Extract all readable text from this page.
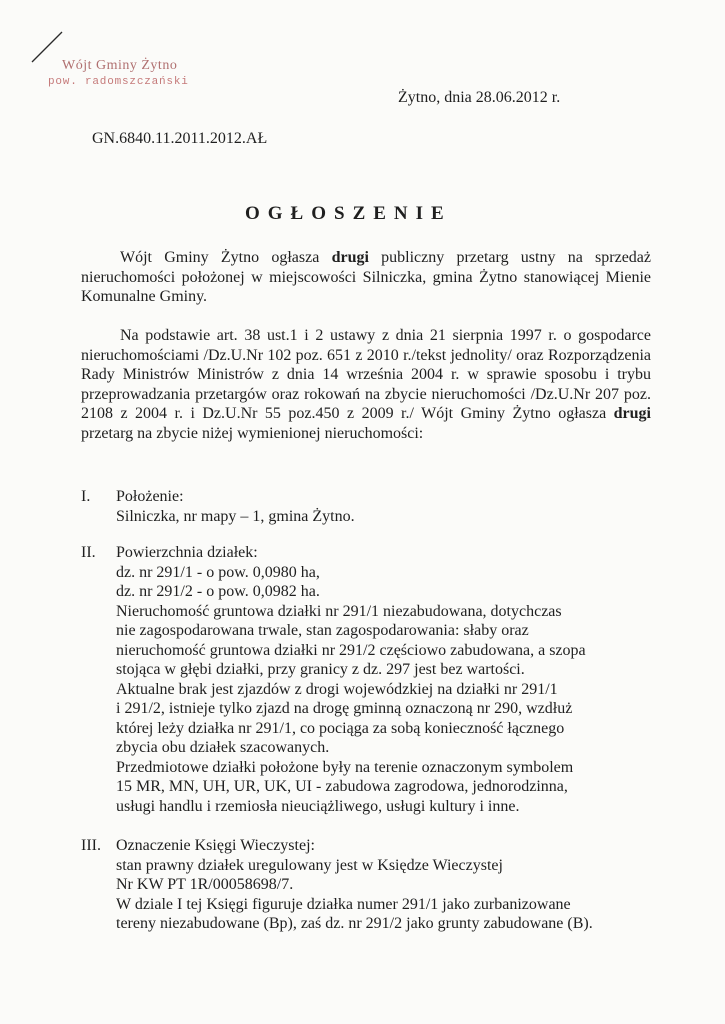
Wójt Gminy Żytno
pow. radomszczański
Żytno, dnia 28.06.2012 r.
GN.6840.11.2011.2012.AŁ
OGŁOSZENIE

Wójt Gminy Żytno ogłasza drugi publiczny przetarg ustny na sprzedaż nieruchomości położonej w miejscowości Silniczka, gmina Żytno stanowiącej Mienie Komunalne Gminy.

Na podstawie art. 38 ust.1 i 2 ustawy z dnia 21 sierpnia 1997 r. o gospodarce nieruchomościami /Dz.U.Nr 102 poz. 651 z 2010 r./tekst jednolity/ oraz Rozporządzenia Rady Ministrów Ministrów z dnia 14 września 2004 r. w sprawie sposobu i trybu przeprowadzania przetargów oraz rokowań na zbycie nieruchomości /Dz.U.Nr 207 poz. 2108 z 2004 r. i Dz.U.Nr 55 poz.450 z 2009 r./ Wójt Gminy Żytno ogłasza drugi przetarg na zbycie niżej wymienionej nieruchomości:

I.	Położenie:

Silniczka, nr mapy – 1, gmina Żytno.

II.	Powierzchnia działek:

dz. nr 291/1 - o pow. 0,0980 ha,

dz. nr 291/2 - o pow. 0,0982 ha.

Nieruchomość gruntowa działki nr 291/1 niezabudowana, dotychczas

nie zagospodarowana trwale, stan zagospodarowania: słaby oraz

nieruchomość gruntowa działki nr 291/2 częściowo zabudowana, a szopa

stojąca w głębi działki, przy granicy z dz. 297 jest bez wartości.

Aktualne brak jest zjazdów z drogi wojewódzkiej na działki nr 291/1

i 291/2, istnieje tylko zjazd na drogę gminną oznaczoną nr 290, wzdłuż

której leży działka nr 291/1, co pociąga za sobą konieczność łącznego

zbycia obu działek szacowanych.

Przedmiotowe działki położone były na terenie oznaczonym symbolem

15 MR, MN, UH, UR, UK, UI - zabudowa zagrodowa, jednorodzinna,

usługi handlu i rzemiosła nieuciążliwego, usługi kultury i inne.

III. Oznaczenie Księgi Wieczystej:

stan prawny działek uregulowany jest w Księdze Wieczystej

Nr KW PT 1R/00058698/7.

W dziale I tej Księgi figuruje działka numer 291/1 jako zurbanizowane

tereny niezabudowane (Bp), zaś dz. nr 291/2 jako grunty zabudowane (B).
